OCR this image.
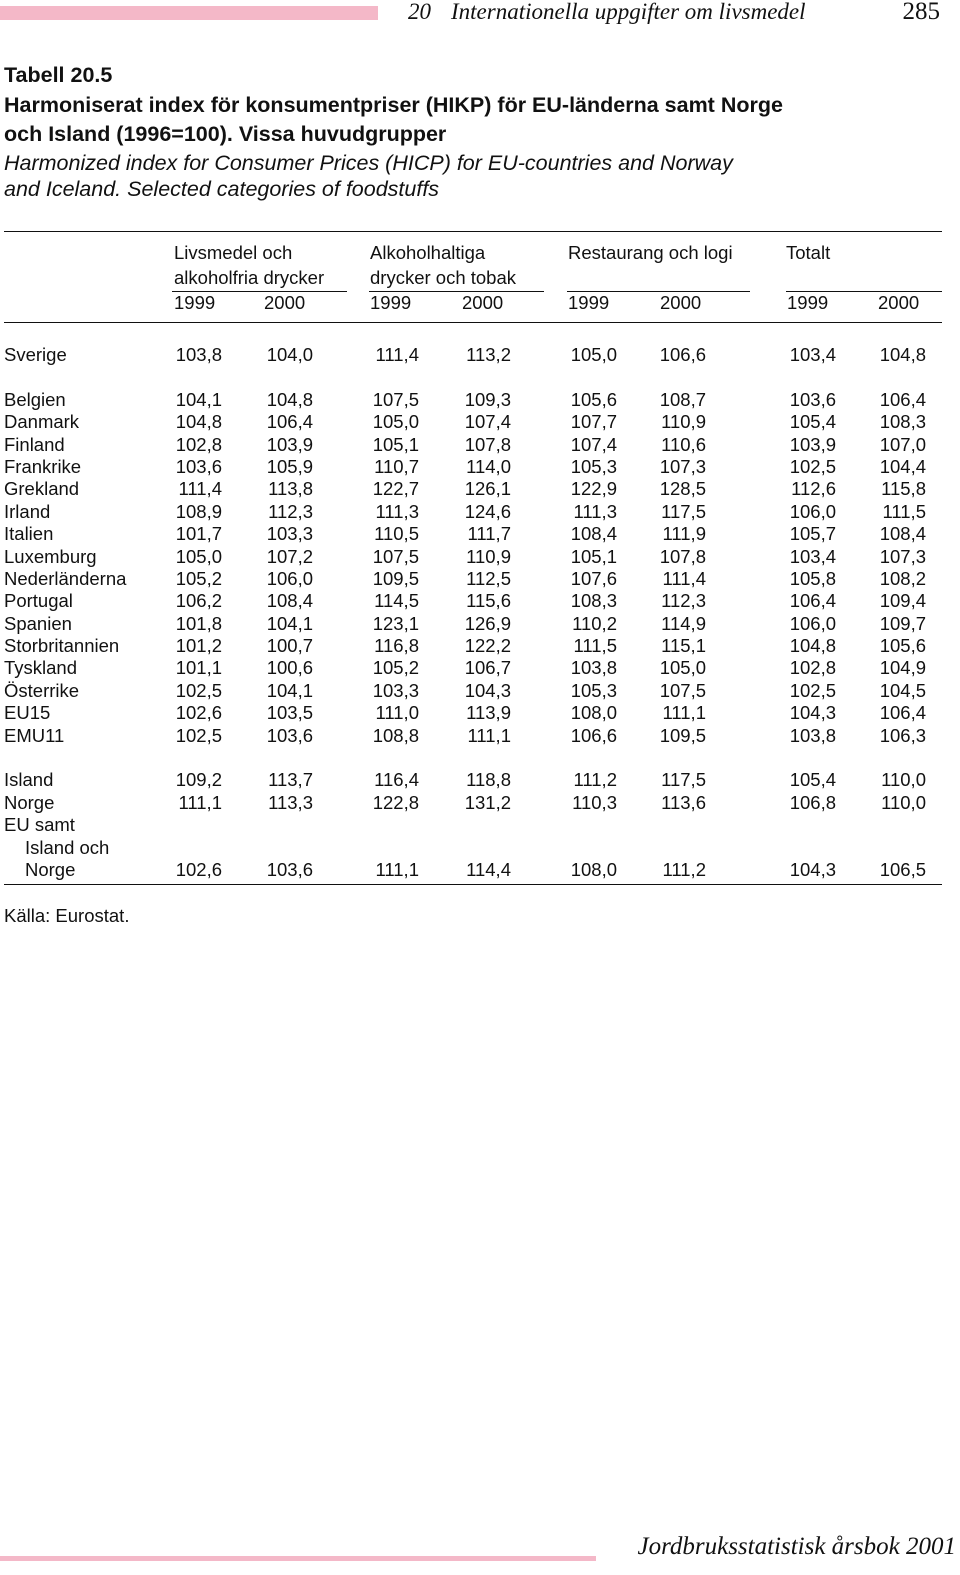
20 Internationella uppgifter om livsmedel	285

Tabell 20.5

Harmoniserat index för konsumentpriser (HIKP) för EU-länderna samt Norge

och Island (1996=100). Vissa huvudgrupper

Harmonized index for Consumer Prices (HICP) for EU-countries and Norway

and Iceland. Selected categories of foodstuffs

Livsmedel och
alkoholfria drycker
Alkoholhaltiga
drycker och tobak
Restaurang och logi	Totalt
1999	2000	1999	2000	1999	2000	1999	2000
Sverige	103,8	104,0	111,4	113,2	105,0	106,6	103,4	104,8
Belgien	104,1	104,8	107,5	109,3	105,6	108,7	103,6	106,4
Danmark	104,8	106,4	105,0	107,4	107,7	110,9	105,4	108,3
Finland	102,8	103,9	105,1	107,8	107,4	110,6	103,9	107,0
Frankrike	103,6	105,9	110,7	114,0	105,3	107,3	102,5	104,4
Grekland	111,4	113,8	122,7	126,1	122,9	128,5	112,6	115,8
Irland	108,9	112,3	111,3	124,6	111,3	117,5	106,0	111,5
Italien	101,7	103,3	110,5	111,7	108,4	111,9	105,7	108,4
Luxemburg	105,0	107,2	107,5	110,9	105,1	107,8	103,4	107,3
Nederländerna	105,2	106,0	109,5	112,5	107,6	111,4	105,8	108,2
Portugal	106,2	108,4	114,5	115,6	108,3	112,3	106,4	109,4
Spanien	101,8	104,1	123,1	126,9	110,2	114,9	106,0	109,7
Storbritannien	101,2	100,7	116,8	122,2	111,5	115,1	104,8	105,6
Tyskland	101,1	100,6	105,2	106,7	103,8	105,0	102,8	104,9
Österrike	102,5	104,1	103,3	104,3	105,3	107,5	102,5	104,5
EU15	102,6	103,5	111,0	113,9	108,0	111,1	104,3	106,4
EMU11	102,5	103,6	108,8	111,1	106,6	109,5	103,8	106,3
Island	109,2	113,7	116,4	118,8	111,2	117,5	105,4	110,0
Norge	111,1	113,3	122,8	131,2	110,3	113,6	106,8	110,0
EU samt
Island och
Norge	102,6	103,6	111,1	114,4	108,0	111,2	104,3	106,5
Källa: Eurostat.
Jordbruksstatistisk årsbok 2001
